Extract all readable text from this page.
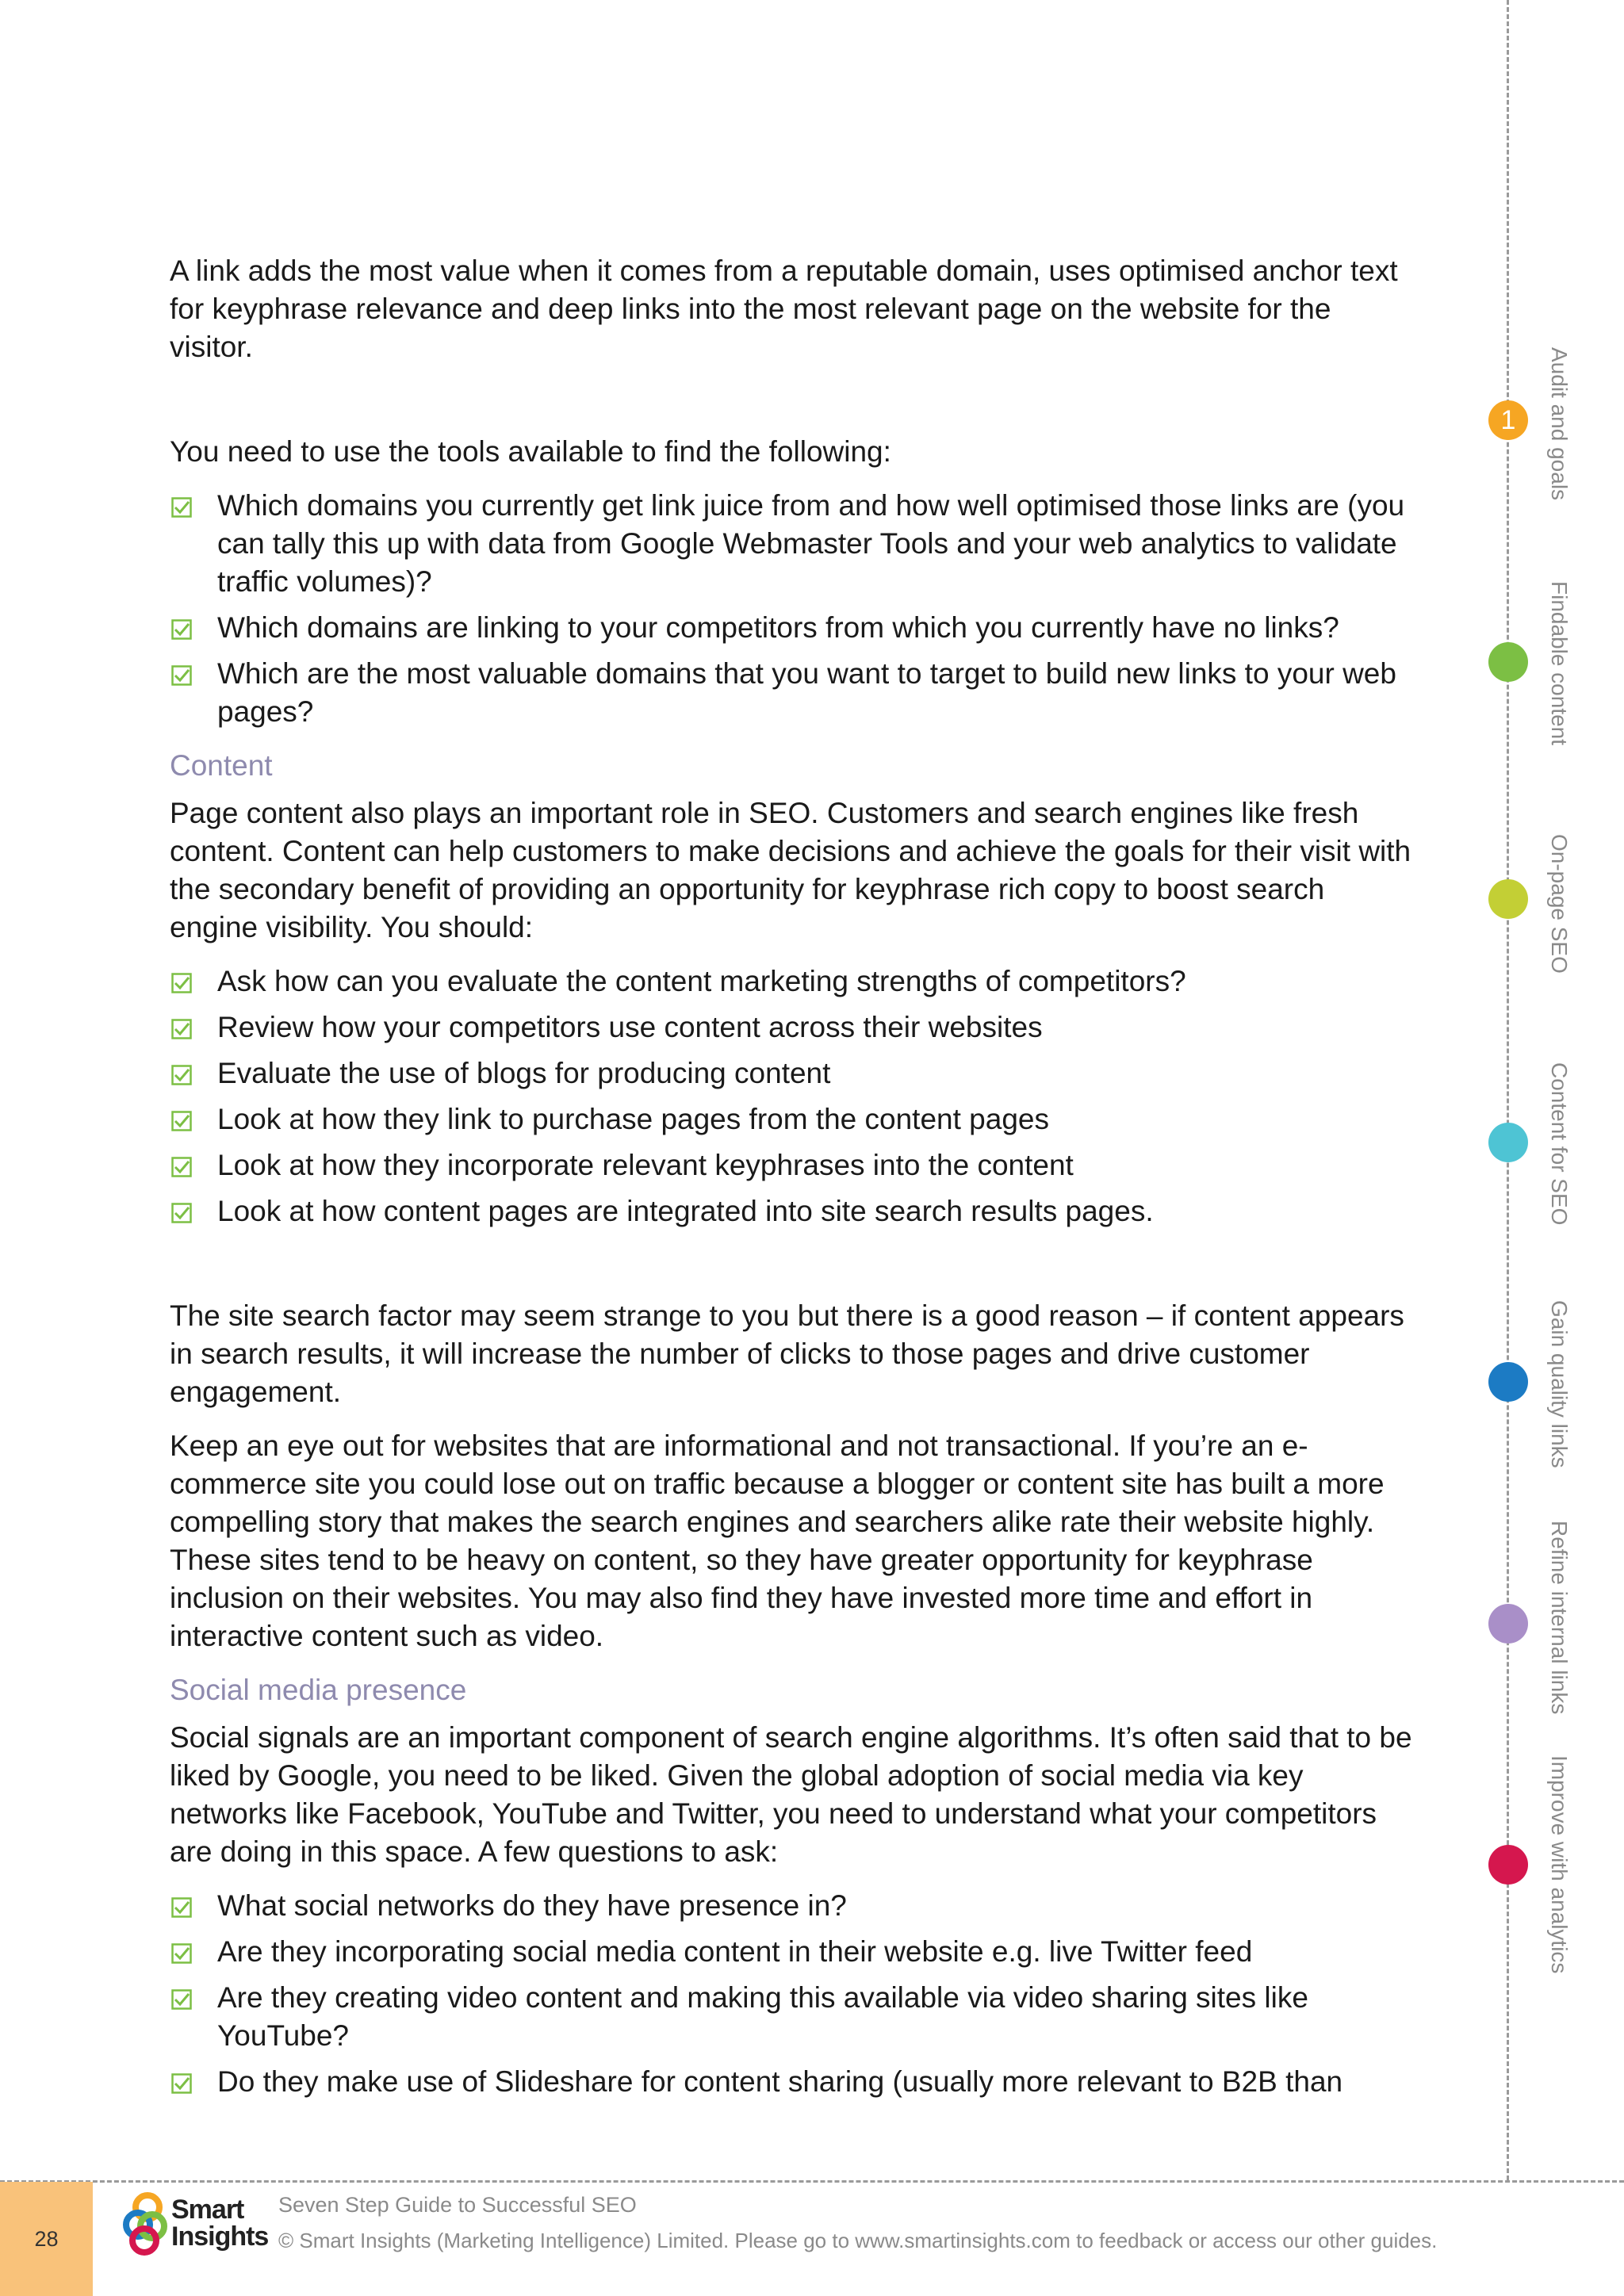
A link adds the most value when it comes from a reputable domain, uses optimised anchor text for keyphrase relevance and deep links into the most relevant page on the website for the visitor.

You need to use the tools available to find the following:

Which domains you currently get link juice from and how well optimised those links are (you can tally this up with data from Google Webmaster Tools and your web analytics to validate traffic volumes)?
Which domains are linking to your competitors from which you currently have no links?
Which are the most valuable domains that you want to target to build new links to your web pages?
Content

Page content also plays an important role in SEO. Customers and search engines like fresh content. Content can help customers to make decisions and achieve the goals for their visit with the secondary benefit of providing an opportunity for keyphrase rich copy to boost search engine visibility. You should:

Ask how can you evaluate the content marketing strengths of competitors?
Review how your competitors use content across their websites
Evaluate the use of blogs for producing content
Look at how they link to purchase pages from the content pages
Look at how they incorporate relevant keyphrases into the content
Look at how content pages are integrated into site search results pages.

The site search factor may seem strange to you but there is a good reason – if content appears in search results, it will increase the number of clicks to those pages and drive customer engagement.

Keep an eye out for websites that are informational and not transactional. If you’re an e-commerce site you could lose out on traffic because a blogger or content site has built a more compelling story that makes the search engines and searchers alike rate their website highly. These sites tend to be heavy on content, so they have greater opportunity for keyphrase inclusion on their websites. You may also find they have invested more time and effort in interactive content such as video.

Social media presence

Social signals are an important component of search engine algorithms. It’s often said that to be liked by Google, you need to be liked. Given the global adoption of social media via key networks like Facebook, YouTube and Twitter, you need to understand what your competitors are doing in this space. A few questions to ask:

What social networks do they have presence in?
Are they incorporating social media content in their website e.g. live Twitter feed
Are they creating video content and making this available via video sharing sites like YouTube?
Do they make use of Slideshare for content sharing (usually more relevant to B2B than
1	Audit and goals
Findable content
On-page SEO
Content for SEO
Gain quality links
Refine internal links
Improve with analytics
28
Smart
Insights
Seven Step Guide to Successful SEO
© Smart Insights (Marketing Intelligence) Limited. Please go to www.smartinsights.com to feedback or access our other guides.
